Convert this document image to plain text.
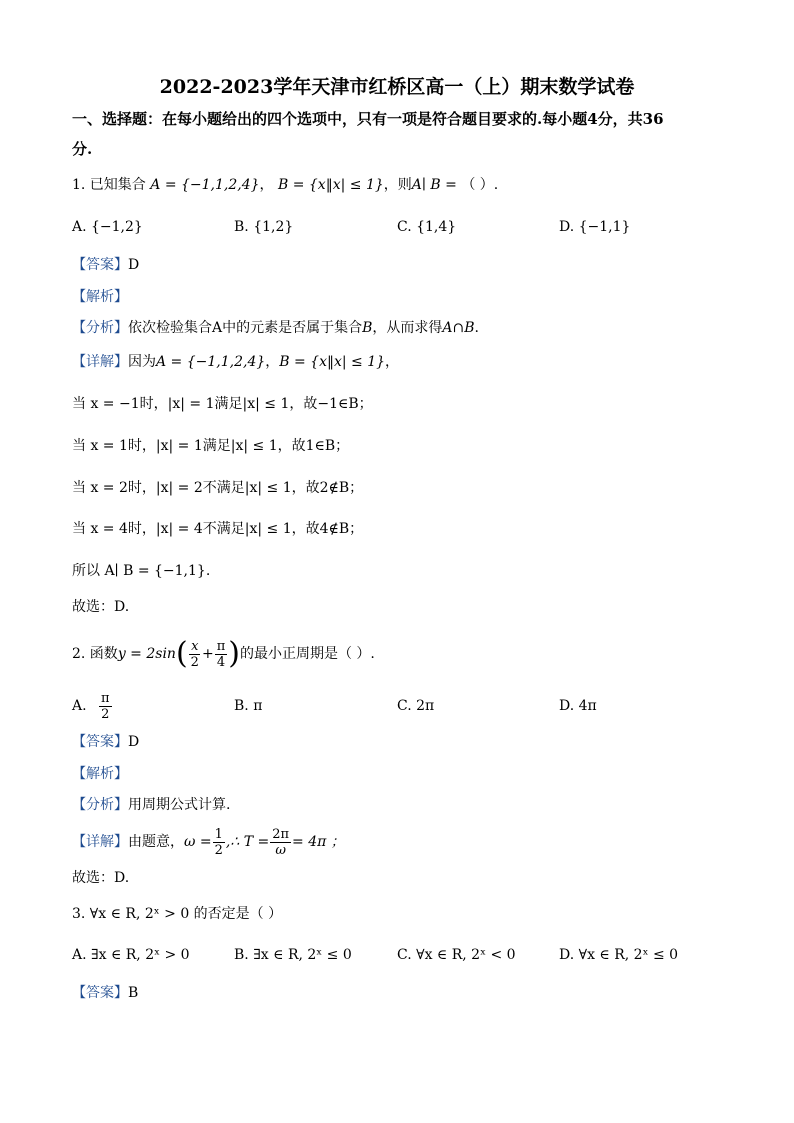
2022-2023学年天津市红桥区高一（上）期末数学试卷
一、选择题：在每小题给出的四个选项中，只有一项是符合题目要求的.每小题4分，共36
分.
1. 已知集合 A = {−1,1,2,4}， B = {x‖x| ≤ 1}，则A∣ B = （ ）.
A. {−1,2}	B. {1,2}	C. {1,4}	D. {−1,1}
【答案】D
【解析】
【分析】依次检验集合A中的元素是否属于集合B，从而求得A∩B.
【详解】因为A = {−1,1,2,4}，B = {x‖x| ≤ 1}，
当 x = −1时，|x| = 1满足|x| ≤ 1，故−1∈B；
当 x = 1时，|x| = 1满足|x| ≤ 1，故1∈B；
当 x = 2时，|x| = 2不满足|x| ≤ 1，故2∉B；
当 x = 4时，|x| = 4不满足|x| ≤ 1，故4∉B；
所以 A∣ B = {−1,1}.
故选：D.
2. 函数$y = 2\sin( \frac{x}{2} + \frac{\pi}{4}$ )的最小正周期是（ ）.
A. $\frac{\pi}{2}$	B. π	C. 2π	D. 4π
【答案】D
【解析】
【分析】用周期公式计算.
【详解】由题意，$\omega = \frac{1}{2}$ ,∴ $T = \frac{2\pi}{\omega} = 4\pi$ ；
故选：D.
3. ∀x ∈ R, 2ˣ > 0 的否定是（ ）
A. ∃x ∈ R, 2ˣ > 0	B. ∃x ∈ R, 2ˣ ≤ 0	C. ∀x ∈ R, 2ˣ < 0	D. ∀x ∈ R, 2ˣ ≤ 0
【答案】B
